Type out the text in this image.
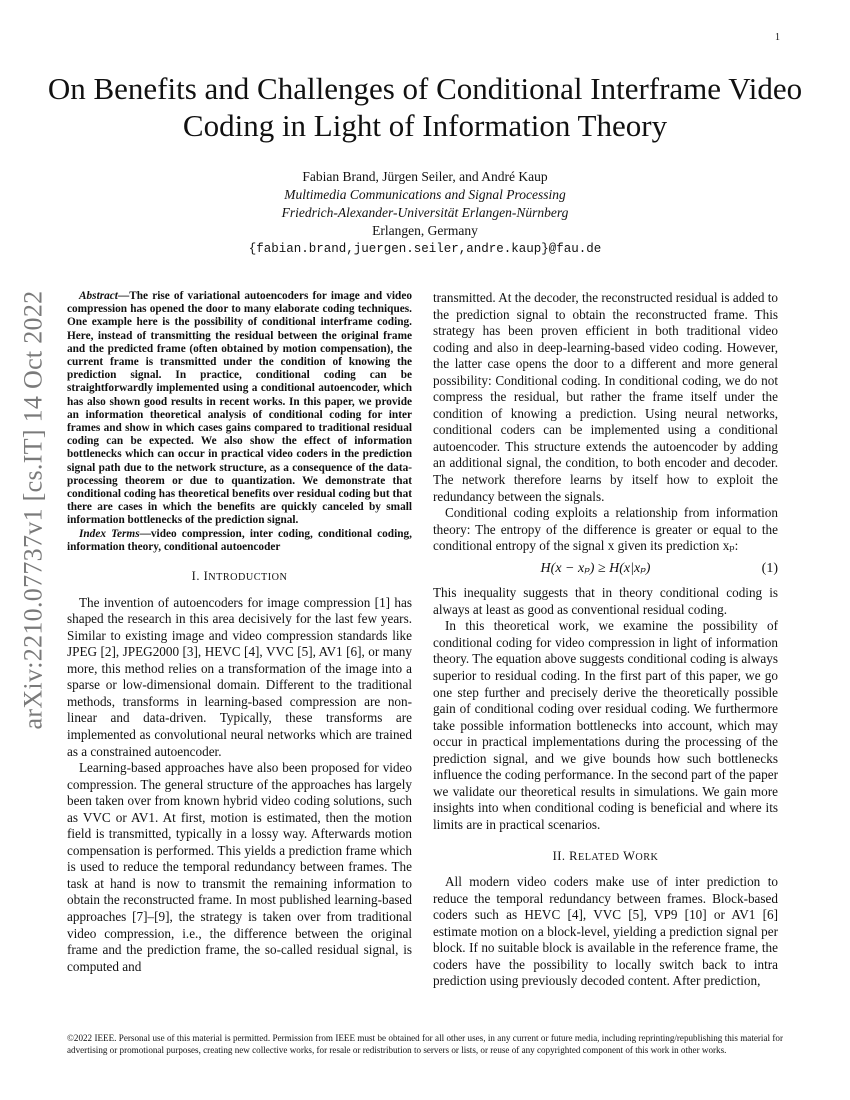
1
arXiv:2210.07737v1 [cs.IT] 14 Oct 2022
On Benefits and Challenges of Conditional Interframe Video Coding in Light of Information Theory
Fabian Brand, Jürgen Seiler, and André Kaup
Multimedia Communications and Signal Processing
Friedrich-Alexander-Universität Erlangen-Nürnberg
Erlangen, Germany
{fabian.brand,juergen.seiler,andre.kaup}@fau.de

Abstract—The rise of variational autoencoders for image and video compression has opened the door to many elaborate coding techniques. One example here is the possibility of conditional interframe coding. Here, instead of transmitting the residual between the original frame and the predicted frame (often obtained by motion compensation), the current frame is transmitted under the condition of knowing the prediction signal. In practice, conditional coding can be straightforwardly implemented using a conditional autoencoder, which has also shown good results in recent works. In this paper, we provide an information theoretical analysis of conditional coding for inter frames and show in which cases gains compared to traditional residual coding can be expected. We also show the effect of information bottlenecks which can occur in practical video coders in the prediction signal path due to the network structure, as a consequence of the data-processing theorem or due to quantization. We demonstrate that conditional coding has theoretical benefits over residual coding but that there are cases in which the benefits are quickly canceled by small information bottlenecks of the prediction signal.

Index Terms—video compression, inter coding, conditional coding, information theory, conditional autoencoder

I. INTRODUCTION

The invention of autoencoders for image compression [1] has shaped the research in this area decisively for the last few years. Similar to existing image and video compression standards like JPEG [2], JPEG2000 [3], HEVC [4], VVC [5], AV1 [6], or many more, this method relies on a transformation of the image into a sparse or low-dimensional domain. Different to the traditional methods, transforms in learning-based compression are non-linear and data-driven. Typically, these transforms are implemented as convolutional neural networks which are trained as a constrained autoencoder.

Learning-based approaches have also been proposed for video compression. The general structure of the approaches has largely been taken over from known hybrid video coding solutions, such as VVC or AV1. At first, motion is estimated, then the motion field is transmitted, typically in a lossy way. Afterwards motion compensation is performed. This yields a prediction frame which is used to reduce the temporal redundancy between frames. The task at hand is now to transmit the remaining information to obtain the reconstructed frame. In most published learning-based approaches [7]–[9], the strategy is taken over from traditional video compression, i.e., the difference between the original frame and the prediction frame, the so-called residual signal, is computed and

transmitted. At the decoder, the reconstructed residual is added to the prediction signal to obtain the reconstructed frame. This strategy has been proven efficient in both traditional video coding and also in deep-learning-based video coding. However, the latter case opens the door to a different and more general possibility: Conditional coding. In conditional coding, we do not compress the residual, but rather the frame itself under the condition of knowing a prediction. Using neural networks, conditional coders can be implemented using a conditional autoencoder. This structure extends the autoencoder by adding an additional signal, the condition, to both encoder and decoder. The network therefore learns by itself how to exploit the redundancy between the signals.

Conditional coding exploits a relationship from information theory: The entropy of the difference is greater or equal to the conditional entropy of the signal x given its prediction xₚ:

H(x − xₚ) ≥ H(x|xₚ)	(1)

This inequality suggests that in theory conditional coding is always at least as good as conventional residual coding.

In this theoretical work, we examine the possibility of conditional coding for video compression in light of information theory. The equation above suggests conditional coding is always superior to residual coding. In the first part of this paper, we go one step further and precisely derive the theoretically possible gain of conditional coding over residual coding. We furthermore take possible information bottlenecks into account, which may occur in practical implementations during the processing of the prediction signal, and we give bounds how such bottlenecks influence the coding performance. In the second part of the paper we validate our theoretical results in simulations. We gain more insights into when conditional coding is beneficial and where its limits are in practical scenarios.

II. RELATED WORK

All modern video coders make use of inter prediction to reduce the temporal redundancy between frames. Block-based coders such as HEVC [4], VVC [5], VP9 [10] or AV1 [6] estimate motion on a block-level, yielding a prediction signal per block. If no suitable block is available in the reference frame, the coders have the possibility to locally switch back to intra prediction using previously decoded content. After prediction,

©2022 IEEE. Personal use of this material is permitted. Permission from IEEE must be obtained for all other uses, in any current or future media, including reprinting/republishing this material for advertising or promotional purposes, creating new collective works, for resale or redistribution to servers or lists, or reuse of any copyrighted component of this work in other works.
